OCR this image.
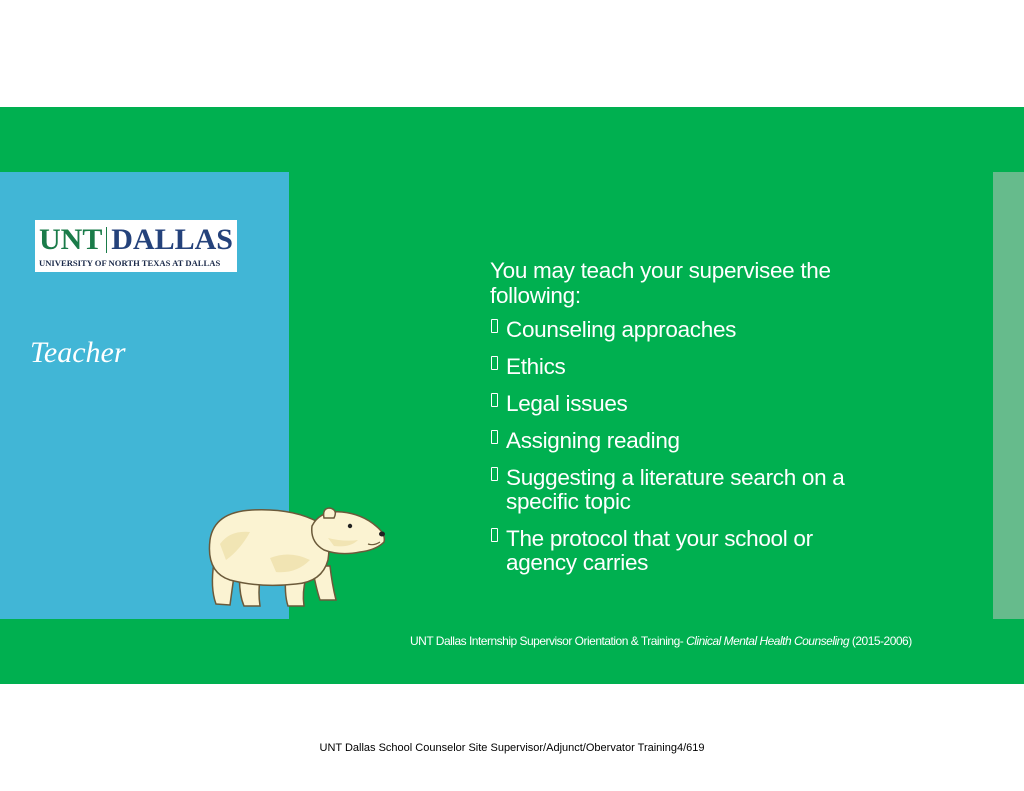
UNT DALLAS
UNIVERSITY OF NORTH TEXAS AT DALLAS
Teacher

You may teach your supervisee the following:

Counseling approaches
Ethics
Legal issues
Assigning reading
Suggesting a literature search on a specific topic
The protocol that your school or agency carries
UNT Dallas Internship Supervisor Orientation & Training- Clinical Mental Health Counseling (2015-2006)
UNT Dallas School Counselor Site Supervisor/Adjunct/Obervator Training4/619
